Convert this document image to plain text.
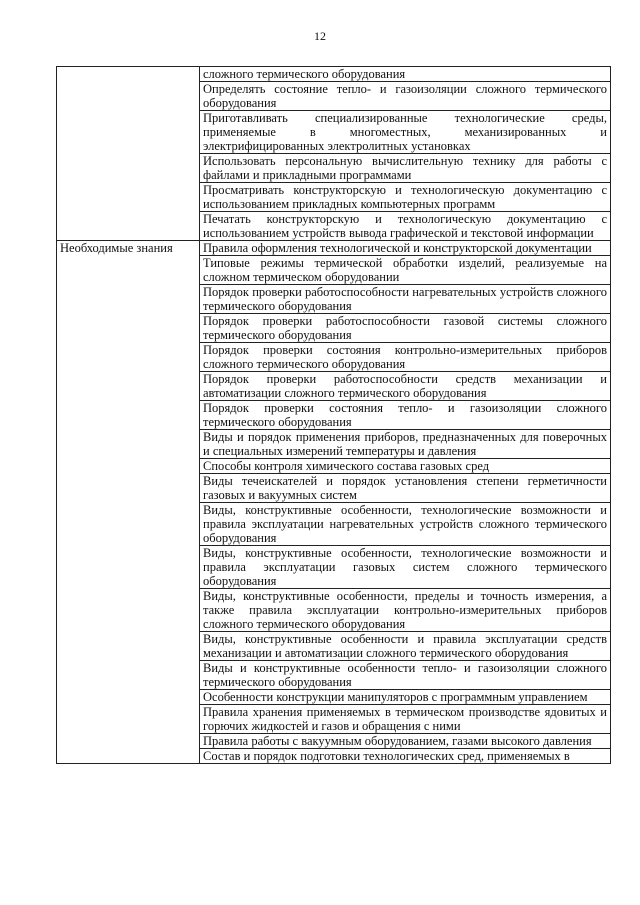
12
	сложного термического оборудования
	Определять состояние тепло- и газоизоляции сложного термического оборудования
	Приготавливать специализированные технологические среды, применяемые в многоместных, механизированных и электрифицированных электролитных установках
	Использовать персональную вычислительную технику для работы с файлами и прикладными программами
	Просматривать конструкторскую и технологическую документацию с использованием прикладных компьютерных программ
	Печатать конструкторскую и технологическую документацию с использованием устройств вывода графической и текстовой информации
Необходимые знания	Правила оформления технологической и конструкторской документации
	Типовые режимы термической обработки изделий, реализуемые на сложном термическом оборудовании
	Порядок проверки работоспособности нагревательных устройств сложного термического оборудования
	Порядок проверки работоспособности газовой системы сложного термического оборудования
	Порядок проверки состояния контрольно-измерительных приборов сложного термического оборудования
	Порядок проверки работоспособности средств механизации и автоматизации сложного термического оборудования
	Порядок проверки состояния тепло- и газоизоляции сложного термического оборудования
	Виды и порядок применения приборов, предназначенных для поверочных и специальных измерений температуры и давления
	Способы контроля химического состава газовых сред
	Виды течеискателей и порядок установления степени герметичности газовых и вакуумных систем
	Виды, конструктивные особенности, технологические возможности и правила эксплуатации нагревательных устройств сложного термического оборудования
	Виды, конструктивные особенности, технологические возможности и правила эксплуатации газовых систем сложного термического оборудования
	Виды, конструктивные особенности, пределы и точность измерения, а также правила эксплуатации контрольно-измерительных приборов сложного термического оборудования
	Виды, конструктивные особенности и правила эксплуатации средств механизации и автоматизации сложного термического оборудования
	Виды и конструктивные особенности тепло- и газоизоляции сложного термического оборудования
	Особенности конструкции манипуляторов с программным управлением
	Правила хранения применяемых в термическом производстве ядовитых и горючих жидкостей и газов и обращения с ними
	Правила работы с вакуумным оборудованием, газами высокого давления
	Состав и порядок подготовки технологических сред, применяемых в
